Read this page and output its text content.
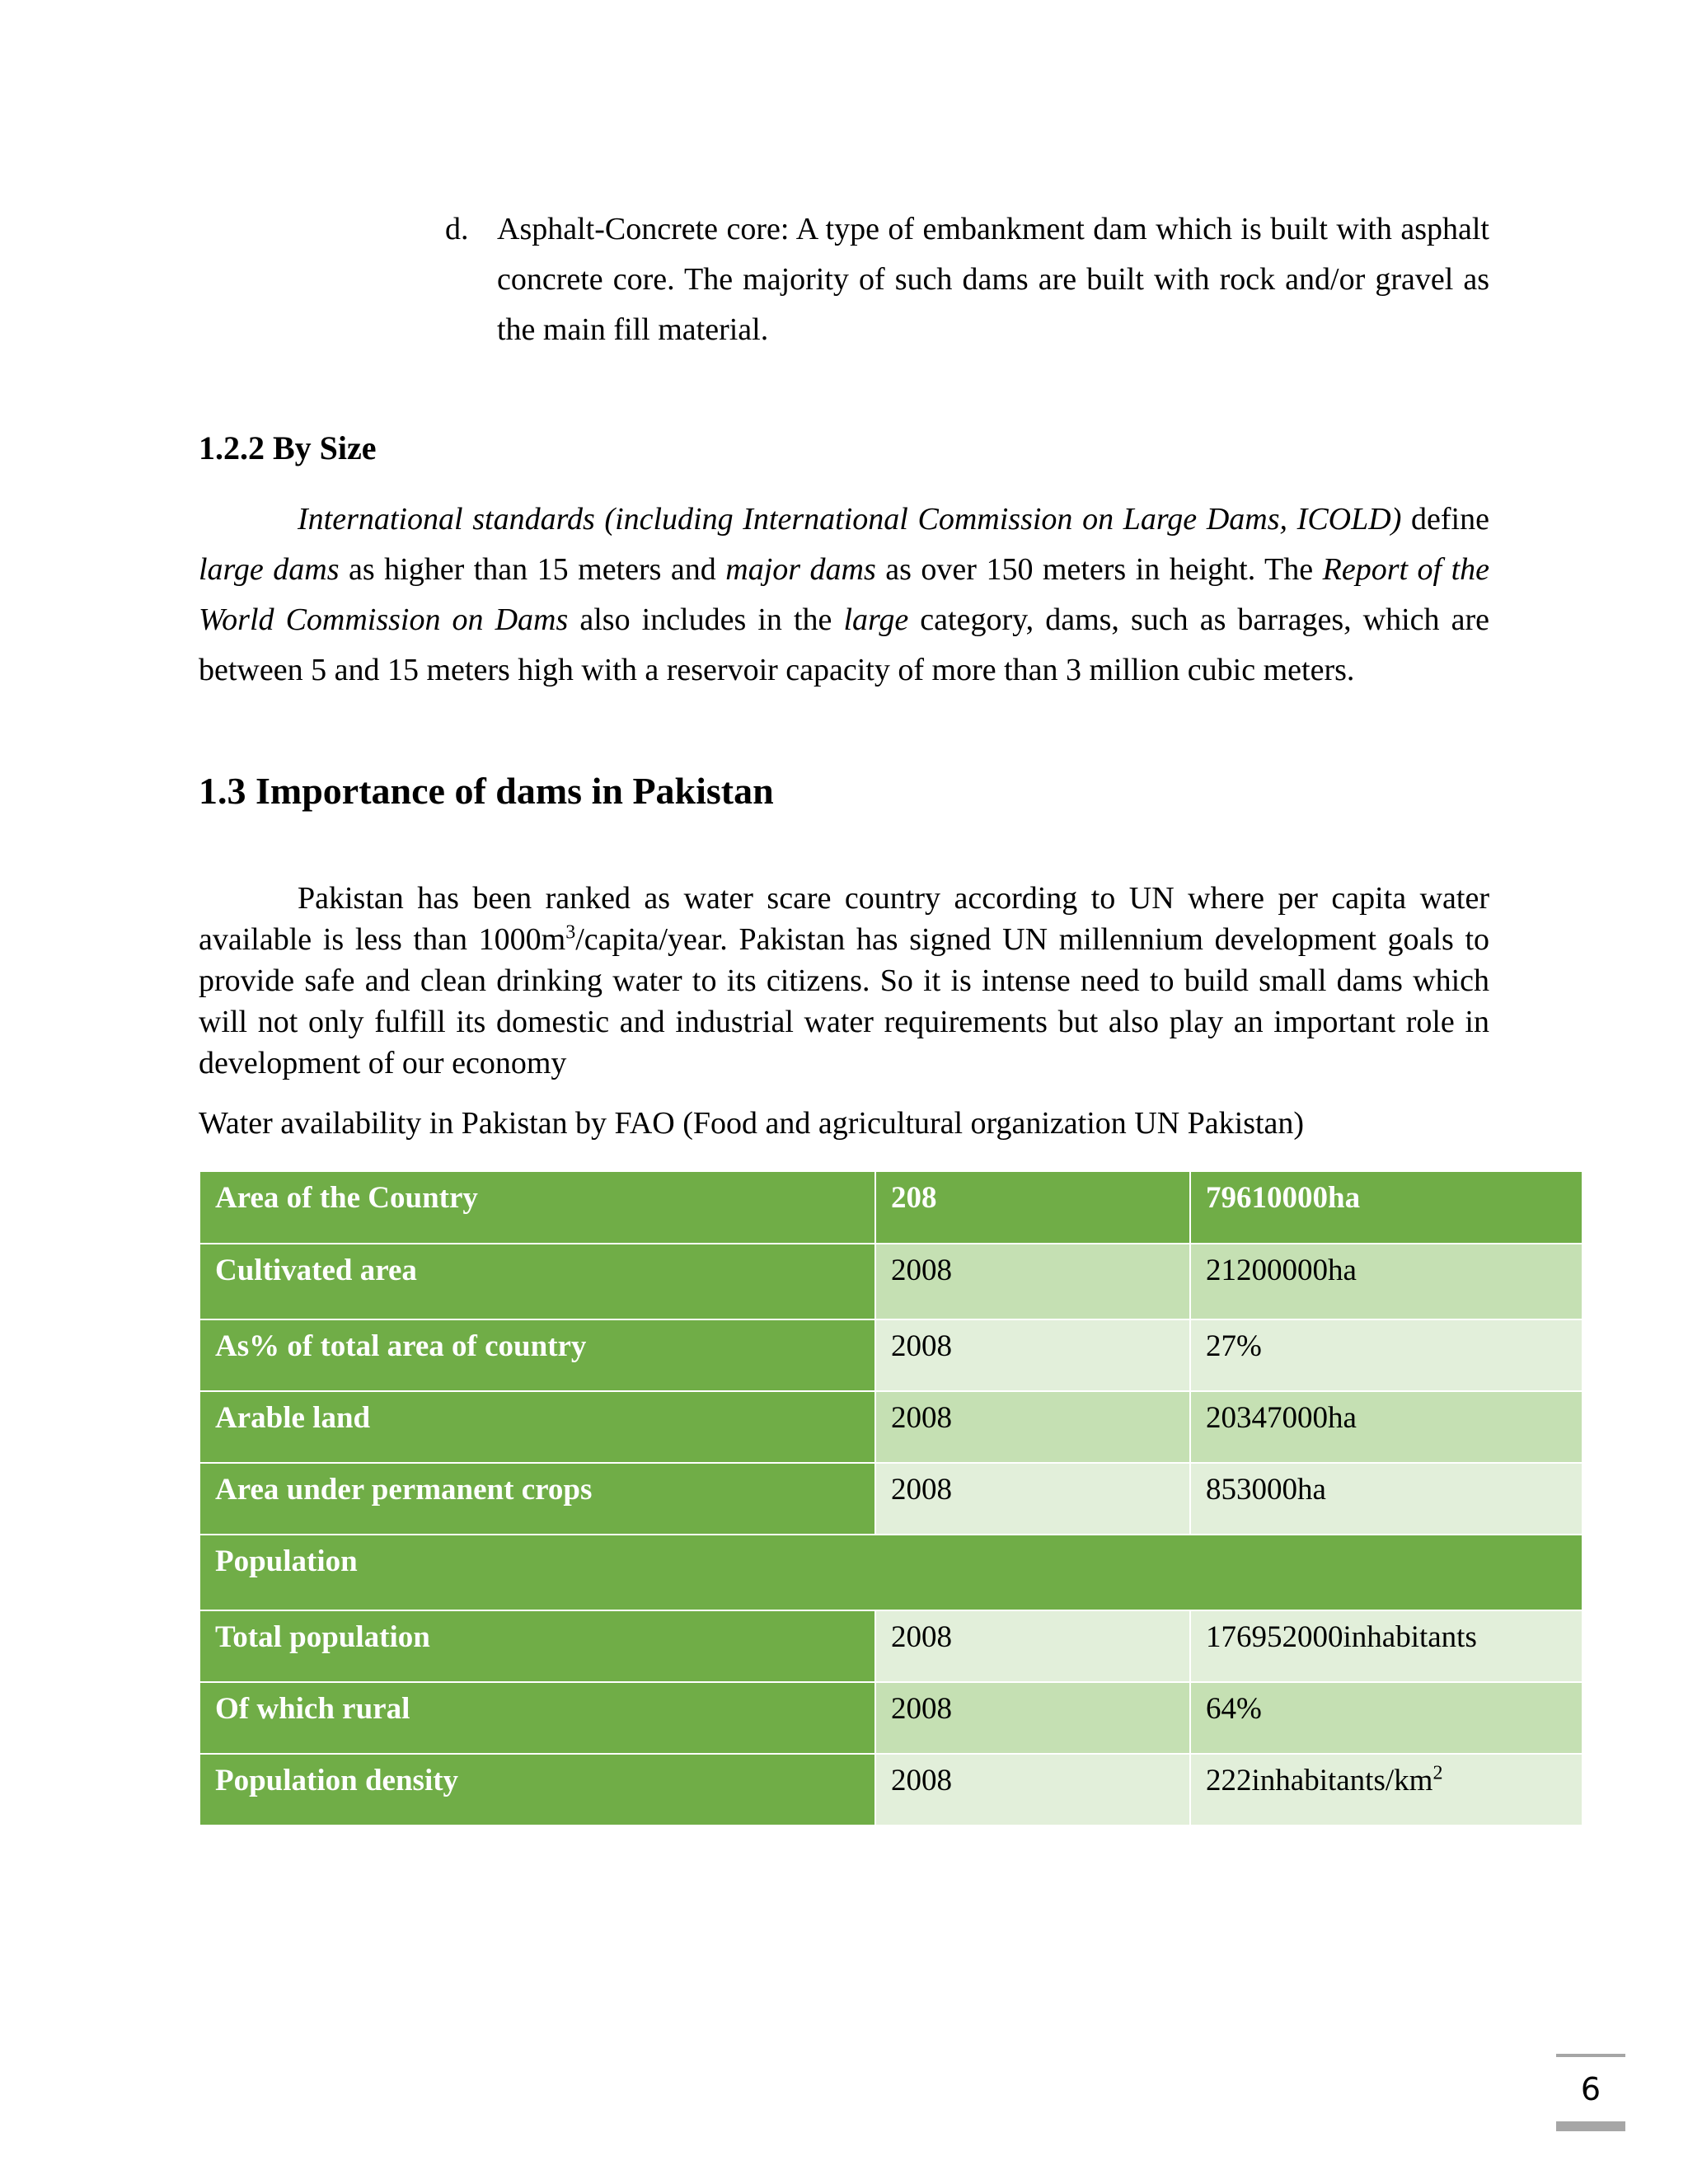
d. Asphalt-Concrete core: A type of embankment dam which is built with asphalt concrete core. The majority of such dams are built with rock and/or gravel as the main fill material.
1.2.2 By Size
International standards (including International Commission on Large Dams, ICOLD) define large dams as higher than 15 meters and major dams as over 150 meters in height. The Report of the World Commission on Dams also includes in the large category, dams, such as barrages, which are between 5 and 15 meters high with a reservoir capacity of more than 3 million cubic meters.
1.3 Importance of dams in Pakistan
Pakistan has been ranked as water scare country according to UN where per capita water available is less than $1000m^3/capita$/year. Pakistan has signed UN millennium development goals to provide safe and clean drinking water to its citizens. So it is intense need to build small dams which will not only fulfill its domestic and industrial water requirements but also play an important role in development of our economy
Water availability in Pakistan by FAO (Food and agricultural organization UN Pakistan)
Area of the Country	208	79610000ha
Cultivated area	2008	21200000ha
As% of total area of country	2008	27%
Arable land	2008	20347000ha
Area under permanent crops	2008	853000ha
Population		
Total population	2008	176952000inhabitants
Of which rural	2008	64%
Population density	2008	$222inhabitants/km^2$
6
